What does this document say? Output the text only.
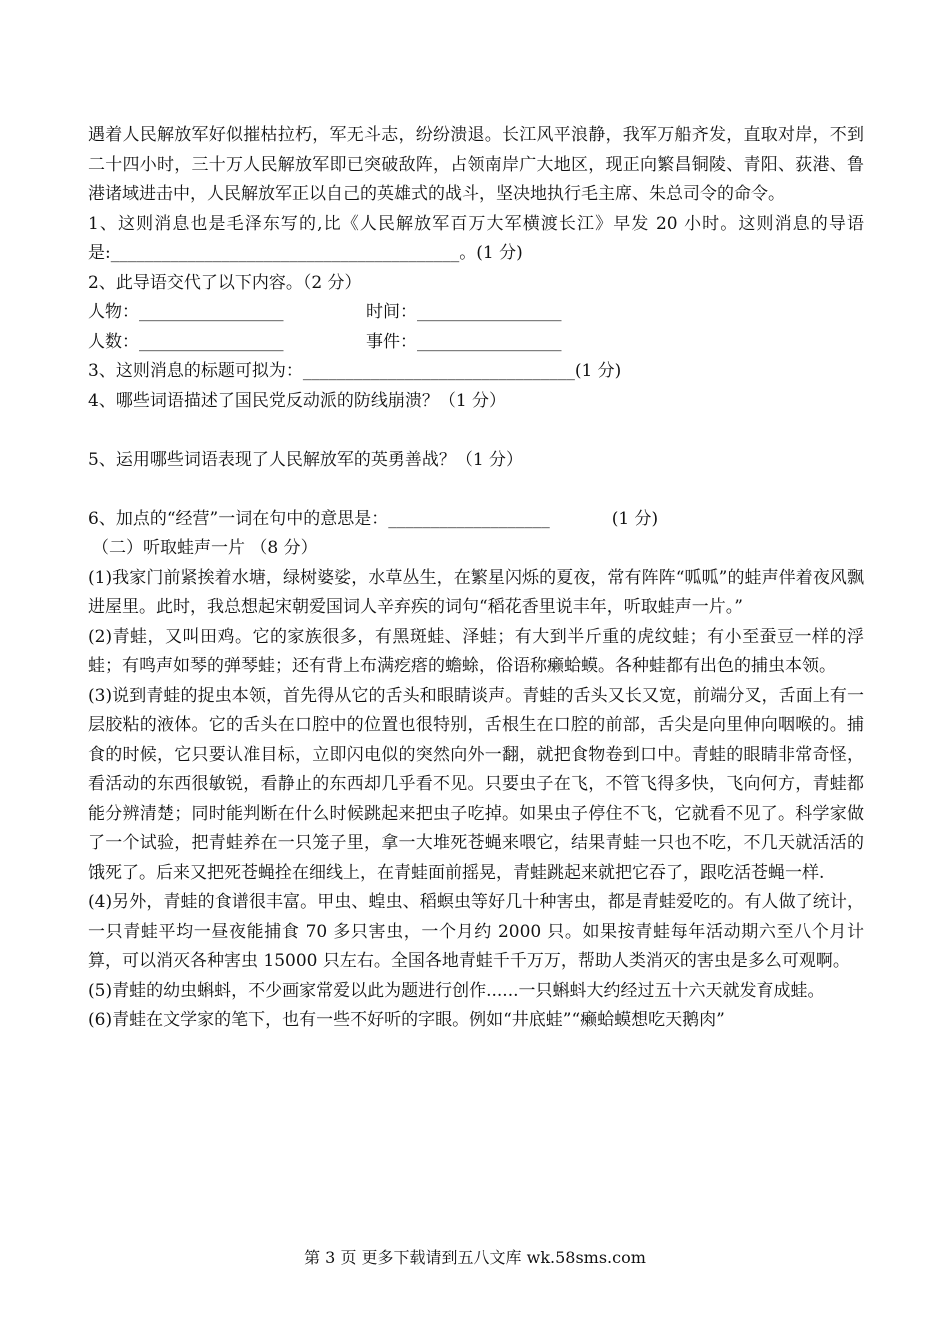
遇着人民解放军好似摧枯拉朽，军无斗志，纷纷溃退。长江风平浪静，我军万船齐发，直取对岸，不到二十四小时，三十万人民解放军即已突破敌阵，占领南岸广大地区，现正向繁昌铜陵、青阳、荻港、鲁港诸域进击中，人民解放军正以自己的英雄式的战斗，坚决地执行毛主席、朱总司令的命令。

1、这则消息也是毛泽东写的,比《人民解放军百万大军横渡长江》早发 20 小时。这则消息的导语是:_________________________________________。(1 分)

2、此导语交代了以下内容。（2 分）

人物：_________________	时间：_________________
人数：_________________	事件：_________________

3、这则消息的标题可拟为：________________________________(1 分)

4、哪些词语描述了国民党反动派的防线崩溃？（1 分）

5、运用哪些词语表现了人民解放军的英勇善战？（1 分）

6、加点的“经营”一词在句中的意思是：___________________	(1 分)

（二）听取蛙声一片 （8 分）

(1)我家门前紧挨着水塘，绿树婆娑，水草丛生，在繁星闪烁的夏夜，常有阵阵“呱呱”的蛙声伴着夜风飘进屋里。此时，我总想起宋朝爱国词人辛弃疾的词句“稻花香里说丰年，听取蛙声一片。”

(2)青蛙，又叫田鸡。它的家族很多，有黑斑蛙、泽蛙；有大到半斤重的虎纹蛙；有小至蚕豆一样的浮蛙；有鸣声如琴的弹琴蛙；还有背上布满疙瘩的蟾蜍，俗语称癞蛤蟆。各种蛙都有出色的捕虫本领。

(3)说到青蛙的捉虫本领，首先得从它的舌头和眼睛谈声。青蛙的舌头又长又宽，前端分叉，舌面上有一层胶粘的液体。它的舌头在口腔中的位置也很特别，舌根生在口腔的前部，舌尖是向里伸向咽喉的。捕食的时候，它只要认准目标，立即闪电似的突然向外一翻，就把食物卷到口中。青蛙的眼睛非常奇怪，看活动的东西很敏锐，看静止的东西却几乎看不见。只要虫子在飞，不管飞得多快，飞向何方，青蛙都能分辨清楚；同时能判断在什么时候跳起来把虫子吃掉。如果虫子停住不飞，它就看不见了。科学家做了一个试验，把青蛙养在一只笼子里，拿一大堆死苍蝇来喂它，结果青蛙一只也不吃，不几天就活活的饿死了。后来又把死苍蝇拴在细线上，在青蛙面前摇晃，青蛙跳起来就把它吞了，跟吃活苍蝇一样.

(4)另外，青蛙的食谱很丰富。甲虫、蝗虫、稻螟虫等好几十种害虫，都是青蛙爱吃的。有人做了统计，一只青蛙平均一昼夜能捕食 70 多只害虫，一个月约 2000 只。如果按青蛙每年活动期六至八个月计算，可以消灭各种害虫 15000 只左右。全国各地青蛙千千万万，帮助人类消灭的害虫是多么可观啊。

(5)青蛙的幼虫蝌蚪，不少画家常爱以此为题进行创作......一只蝌蚪大约经过五十六天就发育成蛙。

(6)青蛙在文学家的笔下，也有一些不好听的字眼。例如“井底蛙”“癞蛤蟆想吃天鹅肉”

第 3 页 更多下载请到五八文库 wk.58sms.com
